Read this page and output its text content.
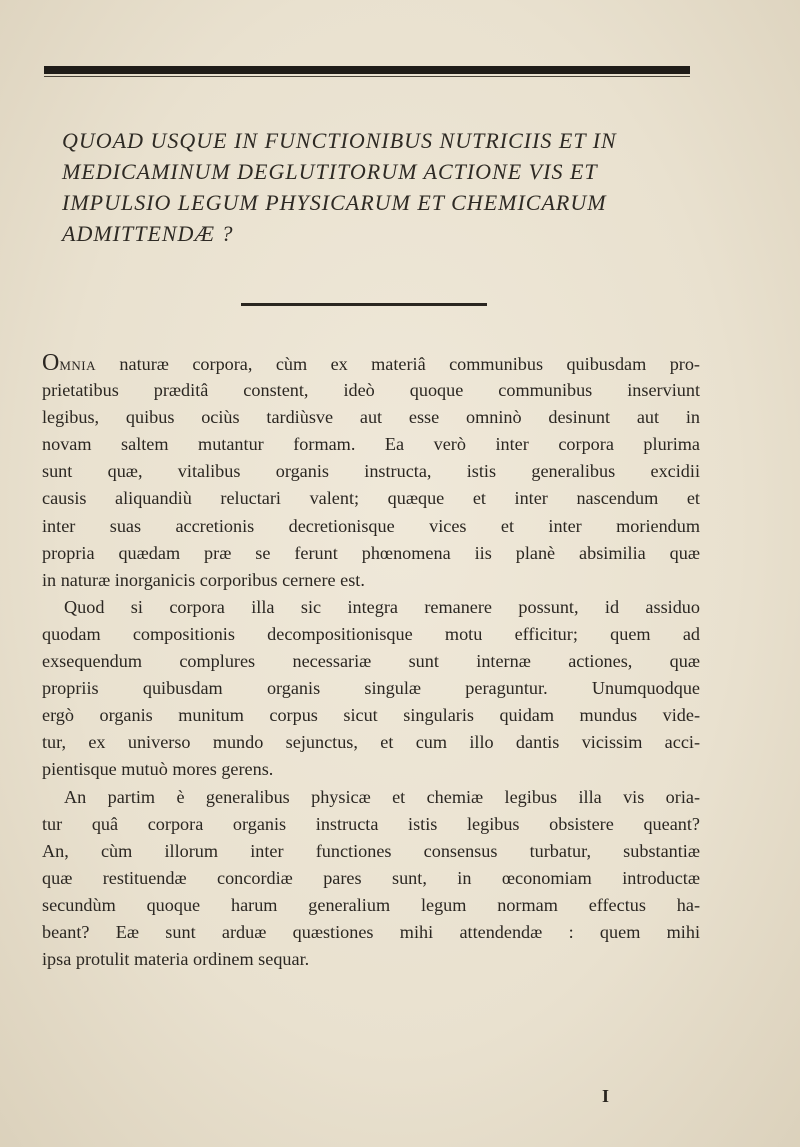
QUOAD USQUE IN FUNCTIONIBUS NUTRICIIS ET IN
MEDICAMINUM DEGLUTITORUM ACTIONE VIS ET
IMPULSIO LEGUM PHYSICARUM ET CHEMICARUM
ADMITTENDÆ ?
OMNIA naturæ corpora, cùm ex materiâ communibus quibusdam pro-
prietatibus præditâ constent, ideò quoque communibus inserviunt
legibus, quibus ociùs tardiùsve aut esse omninò desinunt aut in
novam saltem mutantur formam. Ea verò inter corpora plurima
sunt quæ, vitalibus organis instructa, istis generalibus excidii
causis aliquandiù reluctari valent; quæque et inter nascendum et
inter suas accretionis decretionisque vices et inter moriendum
propria quædam præ se ferunt phœnomena iis planè absimilia quæ
in naturæ inorganicis corporibus cernere est.
Quod si corpora illa sic integra remanere possunt, id assiduo
quodam compositionis decompositionisque motu efficitur; quem ad
exsequendum complures necessariæ sunt internæ actiones, quæ
propriis quibusdam organis singulæ peraguntur. Unumquodque
ergò organis munitum corpus sicut singularis quidam mundus vide-
tur, ex universo mundo sejunctus, et cum illo dantis vicissim acci-
pientisque mutuò mores gerens.
An partim è generalibus physicæ et chemiæ legibus illa vis oria-
tur quâ corpora organis instructa istis legibus obsistere queant?
An, cùm illorum inter functiones consensus turbatur, substantiæ
quæ restituendæ concordiæ pares sunt, in œconomiam introductæ
secundùm quoque harum generalium legum normam effectus ha-
beant? Eæ sunt arduæ quæstiones mihi attendendæ : quem mihi
ipsa protulit materia ordinem sequar.
I
